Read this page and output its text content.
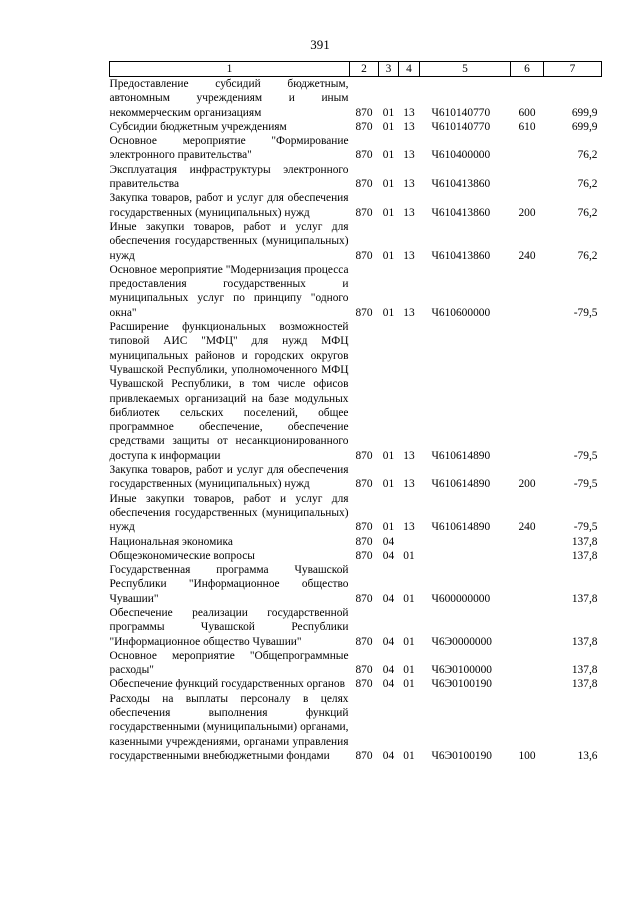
391
1	2	3	4	5	6	7
Предоставление субсидий бюджетным, автономным учреждениям и иным некоммерческим организациям	870	01	13	Ч610140770	600	699,9
Субсидии бюджетным учреждениям	870	01	13	Ч610140770	610	699,9
Основное мероприятие "Формирование электронного правительства"	870	01	13	Ч610400000		76,2
Эксплуатация инфраструктуры электронного правительства	870	01	13	Ч610413860		76,2
Закупка товаров, работ и услуг для обеспечения государственных (муниципальных) нужд	870	01	13	Ч610413860	200	76,2
Иные закупки товаров, работ и услуг для обеспечения государственных (муниципальных) нужд	870	01	13	Ч610413860	240	76,2
Основное мероприятие "Модернизация процесса предоставления государственных и муниципальных услуг по принципу "одного окна"	870	01	13	Ч610600000		-79,5
Расширение функциональных возможностей типовой АИС "МФЦ" для нужд МФЦ муниципальных районов и городских округов Чувашской Республики, уполномоченного МФЦ Чувашской Республики, в том числе офисов привлекаемых организаций на базе модульных библиотек сельских поселений, общее программное обеспечение, обеспечение средствами защиты от несанкционированного доступа к информации	870	01	13	Ч610614890		-79,5
Закупка товаров, работ и услуг для обеспечения государственных (муниципальных) нужд	870	01	13	Ч610614890	200	-79,5
Иные закупки товаров, работ и услуг для обеспечения государственных (муниципальных) нужд	870	01	13	Ч610614890	240	-79,5
Национальная экономика	870	04				137,8
Общеэкономические вопросы	870	04	01			137,8
Государственная программа Чувашской Республики "Информационное общество Чувашии"	870	04	01	Ч600000000		137,8
Обеспечение реализации государственной программы Чувашской Республики "Информационное общество Чувашии"	870	04	01	Ч6Э0000000		137,8
Основное мероприятие "Общепрограммные расходы"	870	04	01	Ч6Э0100000		137,8
Обеспечение функций государственных органов	870	04	01	Ч6Э0100190		137,8
Расходы на выплаты персоналу в целях обеспечения выполнения функций государственными (муниципальными) органами, казенными учреждениями, органами управления государственными внебюджетными фондами	870	04	01	Ч6Э0100190	100	13,6
